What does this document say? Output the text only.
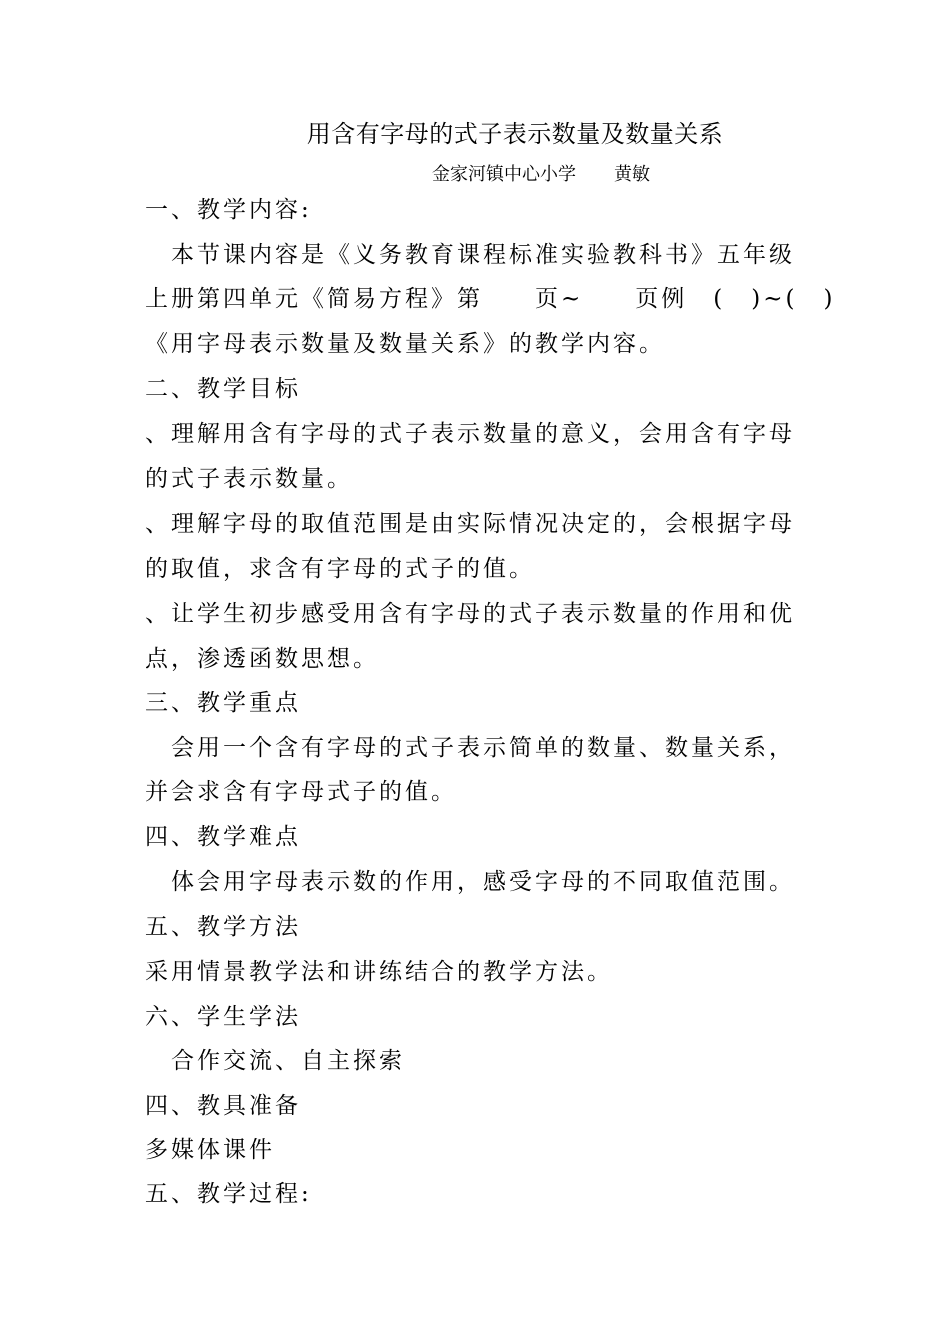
用含有字母的式子表示数量及数量关系
金家河镇中心小学 黄敏
一、教学内容:
　本节课内容是《义务教育课程标准实验教科书》五年级
上册第四单元《简易方程》第　　页~　　页例　(　)~(　)
《用字母表示数量及数量关系》的教学内容。
二、教学目标
、理解用含有字母的式子表示数量的意义，会用含有字母
的式子表示数量。
、理解字母的取值范围是由实际情况决定的，会根据字母
的取值，求含有字母的式子的值。
、让学生初步感受用含有字母的式子表示数量的作用和优
点，渗透函数思想。
三、教学重点
　会用一个含有字母的式子表示简单的数量、数量关系，
并会求含有字母式子的值。
四、教学难点
　体会用字母表示数的作用，感受字母的不同取值范围。
五、教学方法
采用情景教学法和讲练结合的教学方法。
六、学生学法
　合作交流、自主探索
四、教具准备
多媒体课件
五、教学过程:
